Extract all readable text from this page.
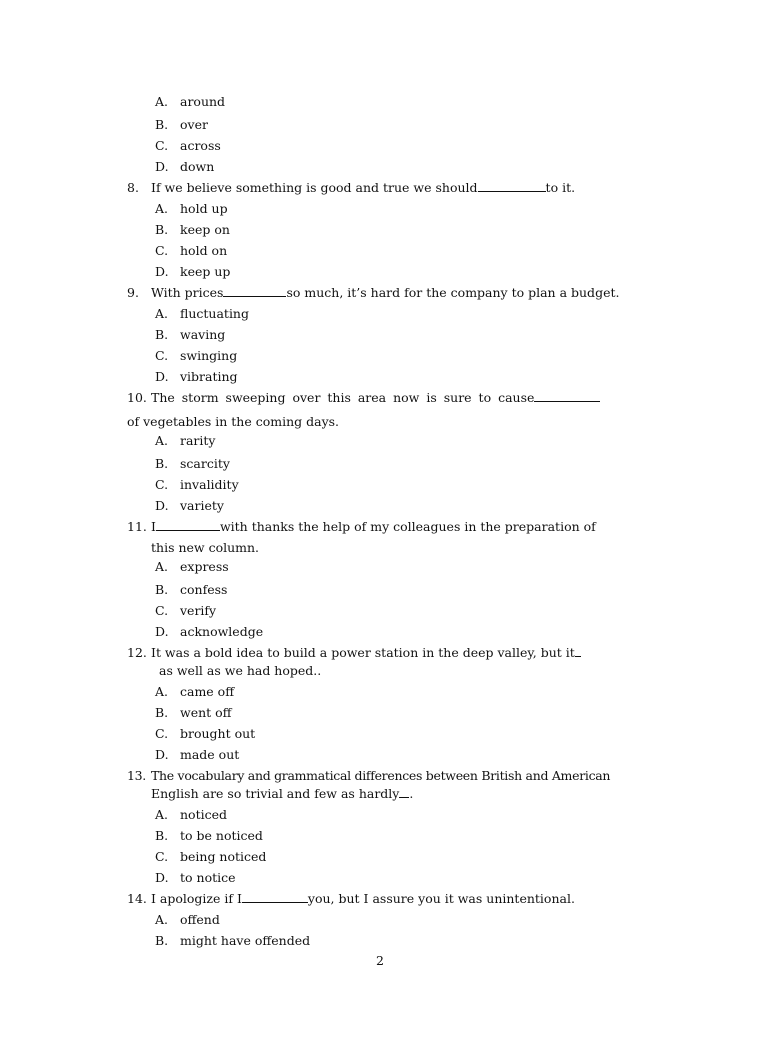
A. around
B. over
C. across
D. down
8. If we believe something is good and true we should	to it.
A. hold up
B. keep on
C. hold on
D. keep up
9. With prices	so much, it’s hard for the company to plan a budget.
A. fluctuating
B. waving
C. swinging
D. vibrating
10. The storm sweeping over this area now is sure to cause
of vegetables in the coming days.
A. rarity
B. scarcity
C. invalidity
D. variety
11. I	with thanks the help of my colleagues in the preparation of
this new column.
A. express
B. confess
C. verify
D. acknowledge
12. It was a bold idea to build a power station in the deep valley, but it
as well as we had hoped..
A. came off
B. went off
C. brought out
D. made out
13. The vocabulary and grammatical differences between British and American
English are so trivial and few as hardly .
A. noticed
B. to be noticed
C. being noticed
D. to notice
14. I apologize if I	you, but I assure you it was unintentional.
A. offend
B. might have offended
2
